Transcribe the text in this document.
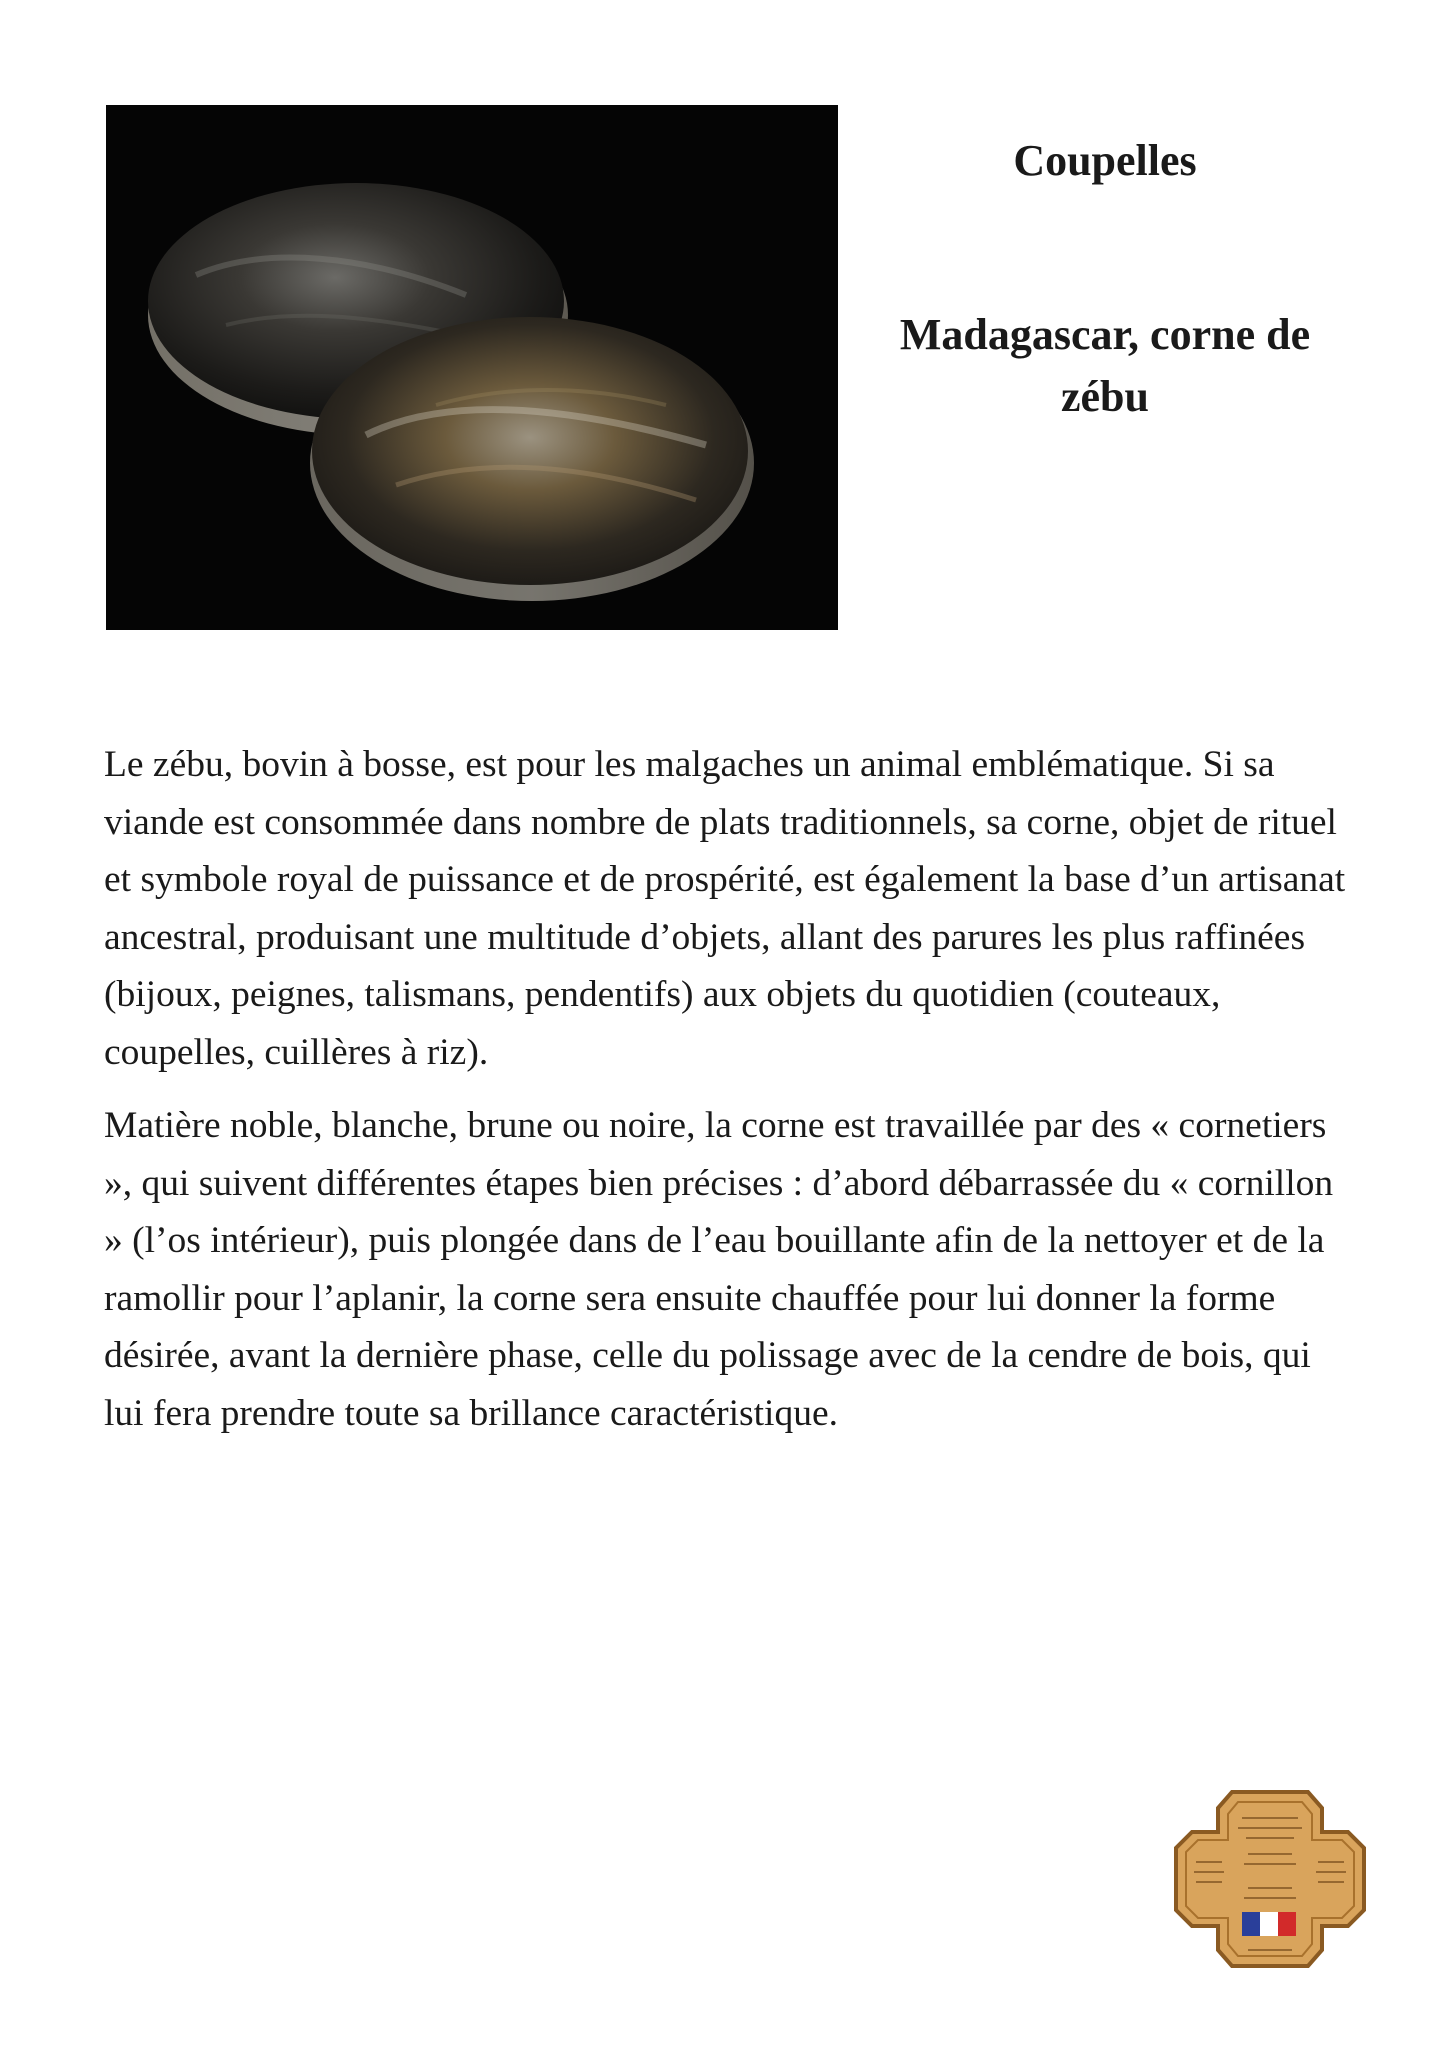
Coupelles
Madagascar, corne de zébu

Le zébu, bovin à bosse, est pour les malgaches un animal emblématique. Si sa viande est consommée dans nombre de plats traditionnels, sa corne, objet de rituel et symbole royal de puissance et de prospérité, est également la base d’un artisanat ancestral, produisant une multitude d’objets, allant des parures les plus raffinées (bijoux, peignes, talismans, pendentifs) aux objets du quotidien (couteaux, coupelles, cuillères à riz).

Matière noble, blanche, brune ou noire, la corne est travaillée par des « cornetiers », qui suivent différentes étapes bien précises : d’abord débarrassée du « cornillon » (l’os intérieur), puis plongée dans de l’eau bouillante afin de la nettoyer et de la ramollir pour l’aplanir, la corne sera ensuite chauffée pour lui donner la forme désirée, avant la dernière phase, celle du polissage avec de la cendre de bois, qui lui fera prendre toute sa brillance caractéristique.
